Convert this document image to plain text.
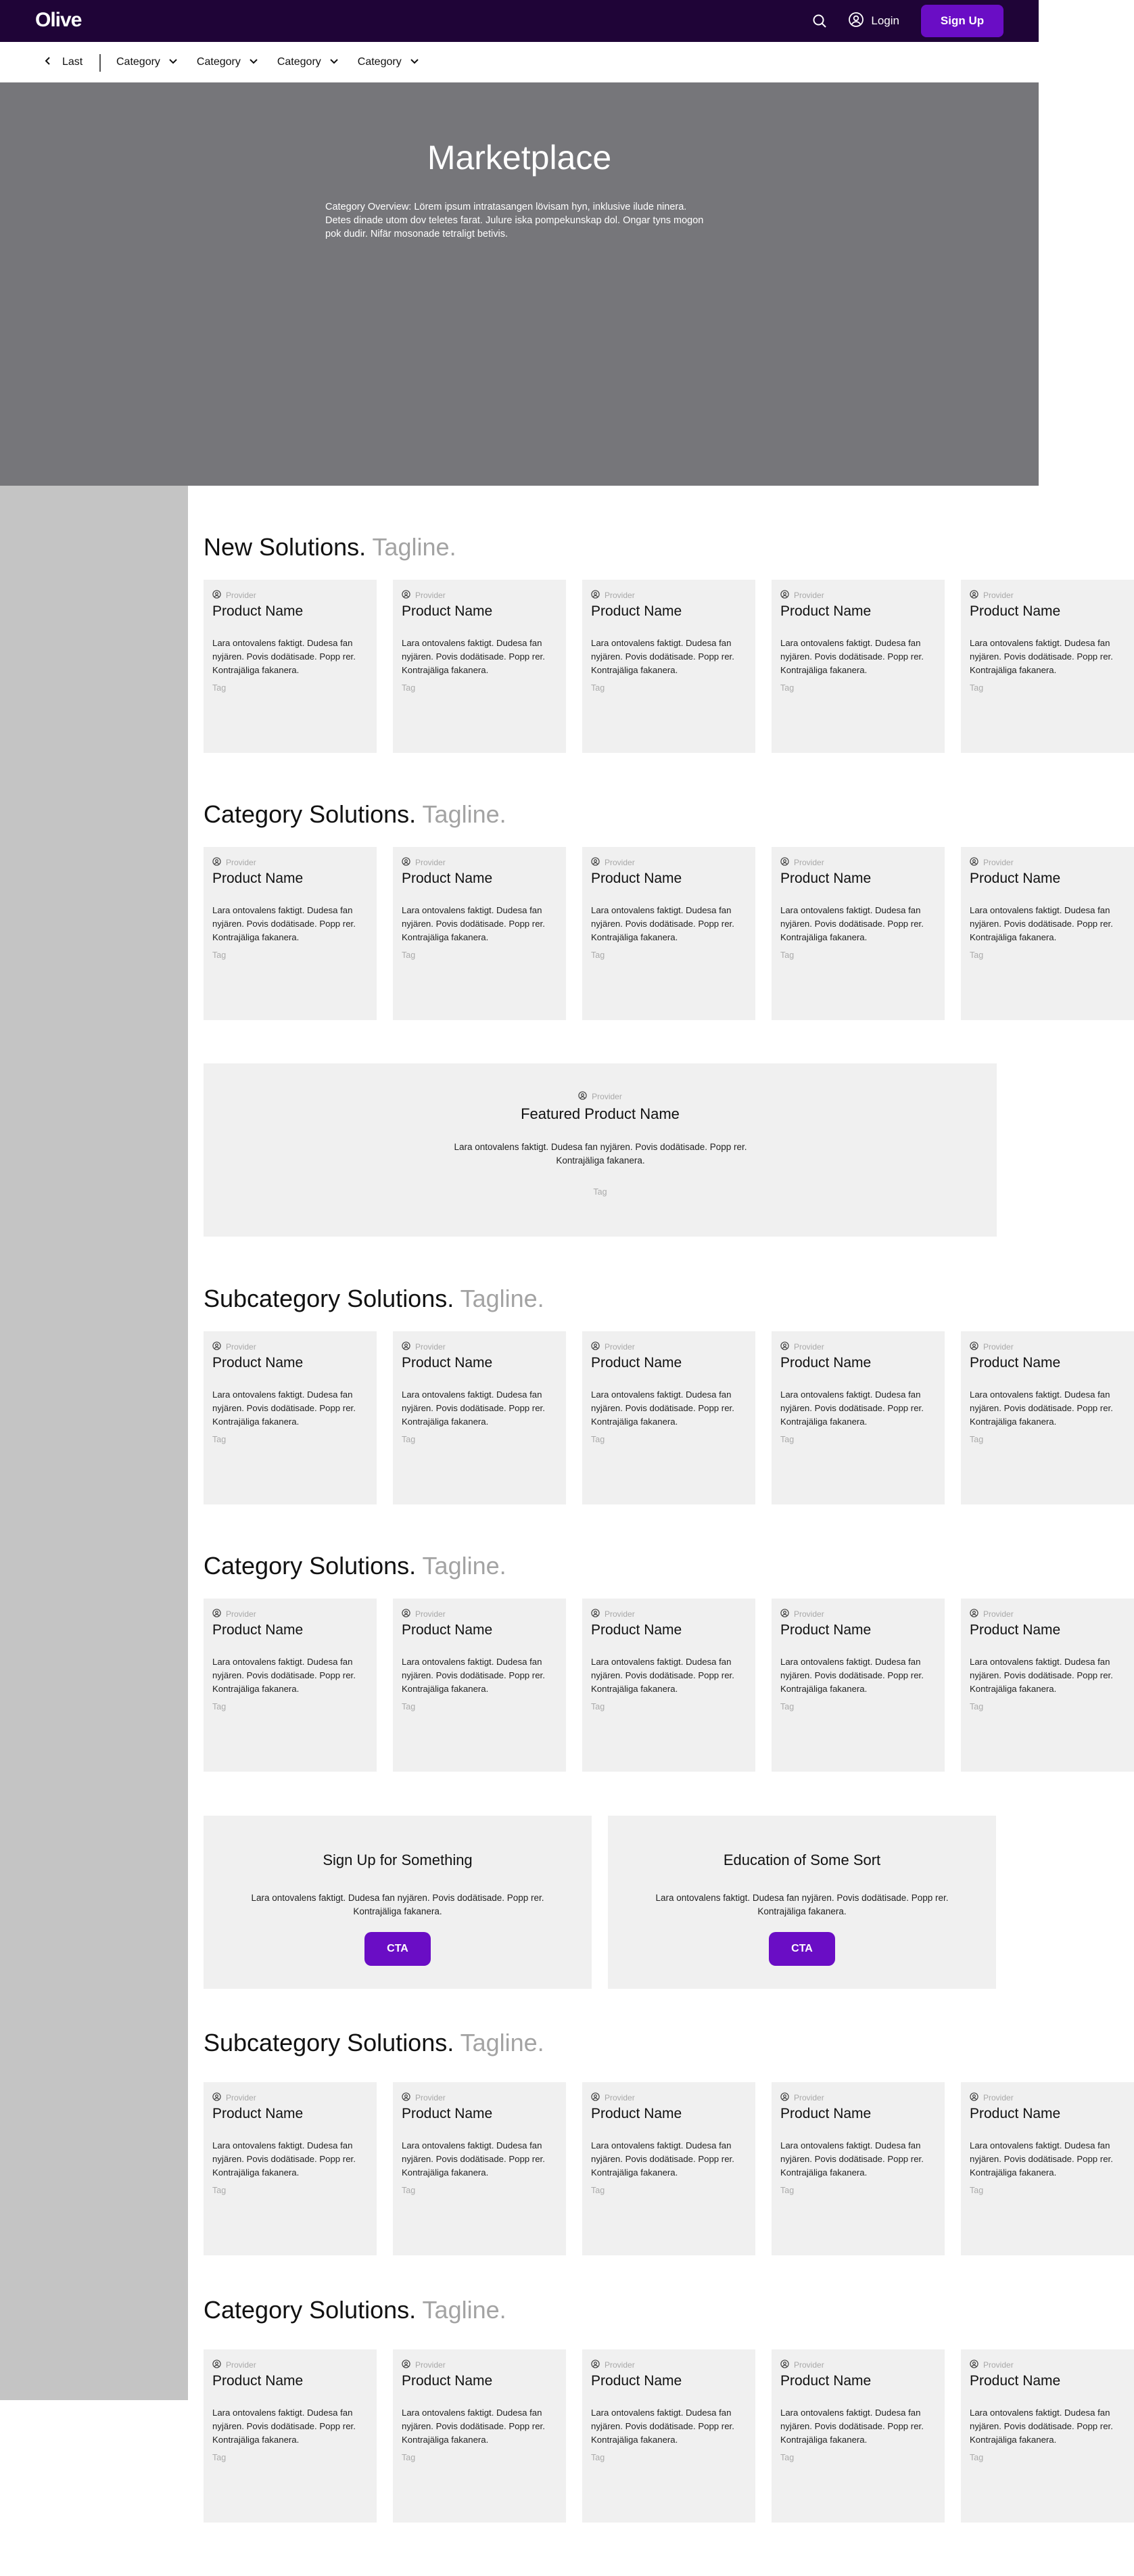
Olive	Login	Sign Up
Last	Category	Category	Category	Category
Marketplace

Category Overview: Lörem ipsum intratasangen lövisam hyn, inklusive ilude ninera. Detes dinade utom dov teletes farat. Julure iska pompekunskap dol. Ongar tyns mogon pok dudir. Nifär mosonade tetraligt betivis.

New Solutions. Tagline.
Provider
Product Name
Lara ontovalens faktigt. Dudesa fan nyjären. Povis dodätisade. Popp rer. Kontrajäliga fakanera.
Tag
Provider
Product Name
Lara ontovalens faktigt. Dudesa fan nyjären. Povis dodätisade. Popp rer. Kontrajäliga fakanera.
Tag
Provider
Product Name
Lara ontovalens faktigt. Dudesa fan nyjären. Povis dodätisade. Popp rer. Kontrajäliga fakanera.
Tag
Provider
Product Name
Lara ontovalens faktigt. Dudesa fan nyjären. Povis dodätisade. Popp rer. Kontrajäliga fakanera.
Tag
Provider
Product Name
Lara ontovalens faktigt. Dudesa fan nyjären. Povis dodätisade. Popp rer. Kontrajäliga fakanera.
Tag
Category Solutions. Tagline.
Provider
Product Name
Lara ontovalens faktigt. Dudesa fan nyjären. Povis dodätisade. Popp rer. Kontrajäliga fakanera.
Tag
Provider
Product Name
Lara ontovalens faktigt. Dudesa fan nyjären. Povis dodätisade. Popp rer. Kontrajäliga fakanera.
Tag
Provider
Product Name
Lara ontovalens faktigt. Dudesa fan nyjären. Povis dodätisade. Popp rer. Kontrajäliga fakanera.
Tag
Provider
Product Name
Lara ontovalens faktigt. Dudesa fan nyjären. Povis dodätisade. Popp rer. Kontrajäliga fakanera.
Tag
Provider
Product Name
Lara ontovalens faktigt. Dudesa fan nyjären. Povis dodätisade. Popp rer. Kontrajäliga fakanera.
Tag
Subcategory Solutions. Tagline.
Provider
Product Name
Lara ontovalens faktigt. Dudesa fan nyjären. Povis dodätisade. Popp rer. Kontrajäliga fakanera.
Tag
Provider
Product Name
Lara ontovalens faktigt. Dudesa fan nyjären. Povis dodätisade. Popp rer. Kontrajäliga fakanera.
Tag
Provider
Product Name
Lara ontovalens faktigt. Dudesa fan nyjären. Povis dodätisade. Popp rer. Kontrajäliga fakanera.
Tag
Provider
Product Name
Lara ontovalens faktigt. Dudesa fan nyjären. Povis dodätisade. Popp rer. Kontrajäliga fakanera.
Tag
Provider
Product Name
Lara ontovalens faktigt. Dudesa fan nyjären. Povis dodätisade. Popp rer. Kontrajäliga fakanera.
Tag
Category Solutions. Tagline.
Provider
Product Name
Lara ontovalens faktigt. Dudesa fan nyjären. Povis dodätisade. Popp rer. Kontrajäliga fakanera.
Tag
Provider
Product Name
Lara ontovalens faktigt. Dudesa fan nyjären. Povis dodätisade. Popp rer. Kontrajäliga fakanera.
Tag
Provider
Product Name
Lara ontovalens faktigt. Dudesa fan nyjären. Povis dodätisade. Popp rer. Kontrajäliga fakanera.
Tag
Provider
Product Name
Lara ontovalens faktigt. Dudesa fan nyjären. Povis dodätisade. Popp rer. Kontrajäliga fakanera.
Tag
Provider
Product Name
Lara ontovalens faktigt. Dudesa fan nyjären. Povis dodätisade. Popp rer. Kontrajäliga fakanera.
Tag
Subcategory Solutions. Tagline.
Provider
Product Name
Lara ontovalens faktigt. Dudesa fan nyjären. Povis dodätisade. Popp rer. Kontrajäliga fakanera.
Tag
Provider
Product Name
Lara ontovalens faktigt. Dudesa fan nyjären. Povis dodätisade. Popp rer. Kontrajäliga fakanera.
Tag
Provider
Product Name
Lara ontovalens faktigt. Dudesa fan nyjären. Povis dodätisade. Popp rer. Kontrajäliga fakanera.
Tag
Provider
Product Name
Lara ontovalens faktigt. Dudesa fan nyjären. Povis dodätisade. Popp rer. Kontrajäliga fakanera.
Tag
Provider
Product Name
Lara ontovalens faktigt. Dudesa fan nyjären. Povis dodätisade. Popp rer. Kontrajäliga fakanera.
Tag
Category Solutions. Tagline.
Provider
Product Name
Lara ontovalens faktigt. Dudesa fan nyjären. Povis dodätisade. Popp rer. Kontrajäliga fakanera.
Tag
Provider
Product Name
Lara ontovalens faktigt. Dudesa fan nyjären. Povis dodätisade. Popp rer. Kontrajäliga fakanera.
Tag
Provider
Product Name
Lara ontovalens faktigt. Dudesa fan nyjären. Povis dodätisade. Popp rer. Kontrajäliga fakanera.
Tag
Provider
Product Name
Lara ontovalens faktigt. Dudesa fan nyjären. Povis dodätisade. Popp rer. Kontrajäliga fakanera.
Tag
Provider
Product Name
Lara ontovalens faktigt. Dudesa fan nyjären. Povis dodätisade. Popp rer. Kontrajäliga fakanera.
Tag
Provider
Featured Product Name
Lara ontovalens faktigt. Dudesa fan nyjären. Povis dodätisade. Popp rer. Kontrajäliga fakanera.
Tag
Sign Up for Something
Lara ontovalens faktigt. Dudesa fan nyjären. Povis dodätisade. Popp rer. Kontrajäliga fakanera.
CTA
Education of Some Sort
Lara ontovalens faktigt. Dudesa fan nyjären. Povis dodätisade. Popp rer. Kontrajäliga fakanera.
CTA
